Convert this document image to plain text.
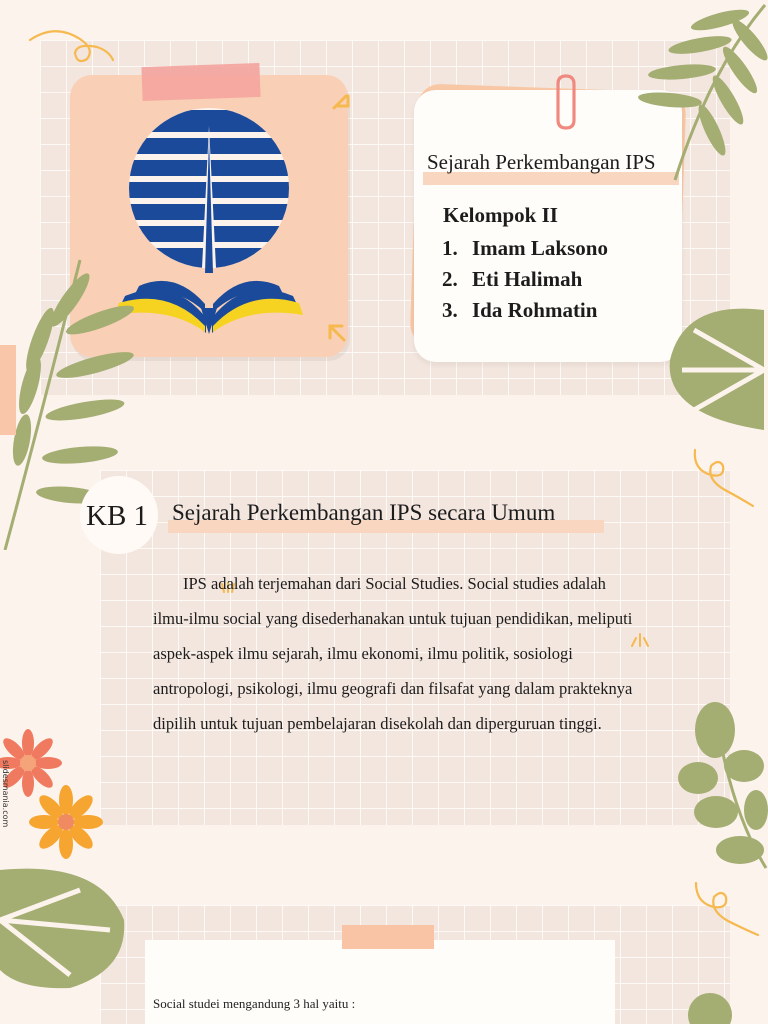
Sejarah Perkembangan IPS
Kelompok II
1. Imam Laksono
2. Eti Halimah
3. Ida Rohmatin
KB 1 Sejarah Perkembangan IPS secara Umum
IPS adalah terjemahan dari Social Studies. Social studies adalah ilmu-ilmu social yang disederhanakan untuk tujuan pendidikan, meliputi aspek-aspek ilmu sejarah, ilmu ekonomi, ilmu politik, sosiologi antropologi, psikologi, ilmu geografi dan filsafat yang dalam prakteknya dipilih untuk tujuan pembelajaran disekolah dan diperguruan tinggi.
slidesmania.com
Social studei mengandung 3 hal yaitu :
